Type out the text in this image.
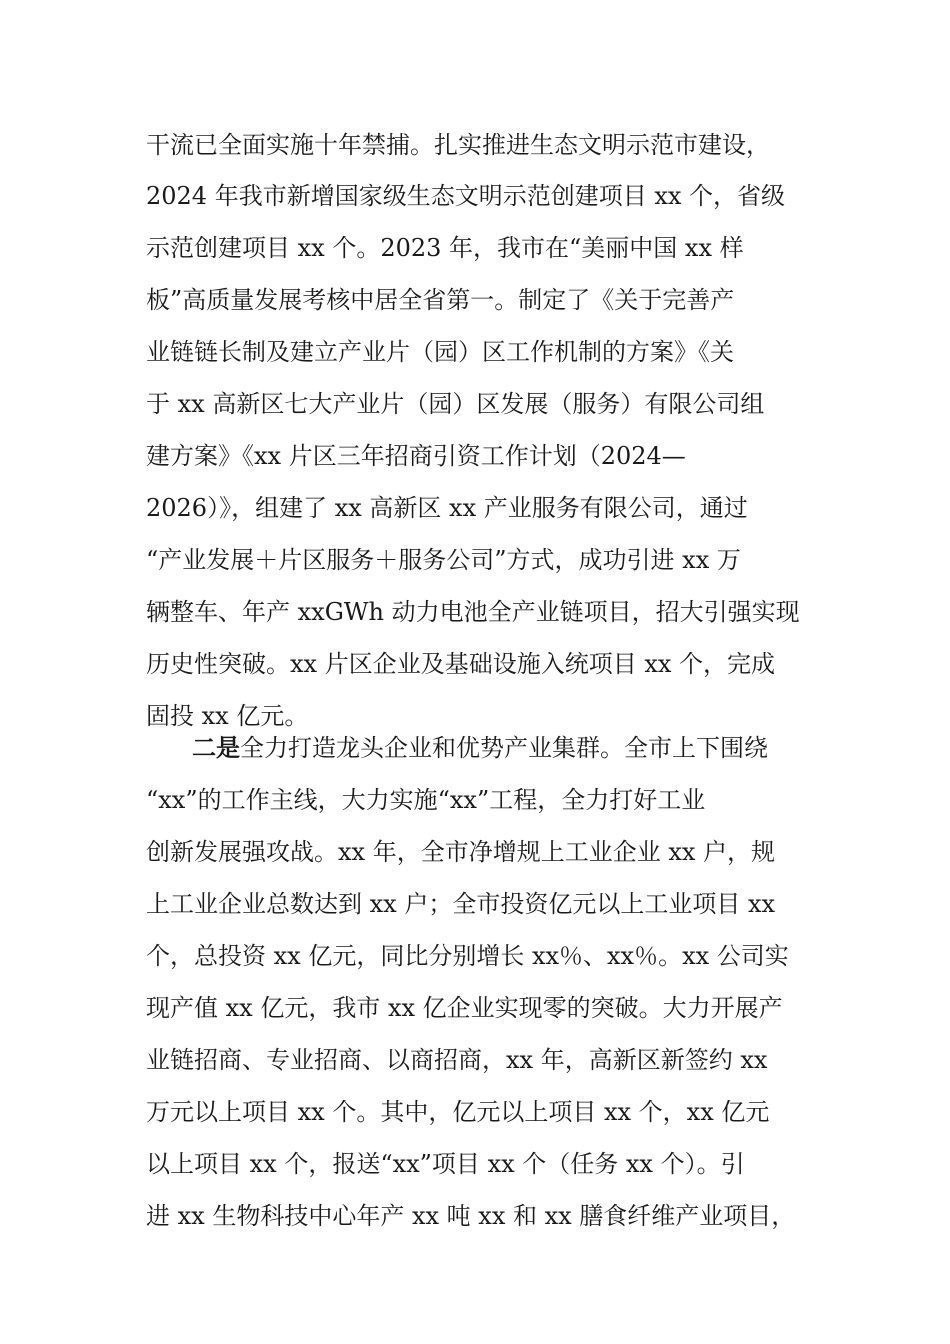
干流已全面实施十年禁捕。扎实推进生态文明示范市建设，
2024 年我市新增国家级生态文明示范创建项目 xx 个，省级
示范创建项目 xx 个。2023 年，我市在“美丽中国 xx 样
板”高质量发展考核中居全省第一。制定了《关于完善产
业链链长制及建立产业片（园）区工作机制的方案》《关
于 xx 高新区七大产业片（园）区发展（服务）有限公司组
建方案》《xx 片区三年招商引资工作计划（2024—
2026）》，组建了 xx 高新区 xx 产业服务有限公司，通过
“产业发展＋片区服务＋服务公司”方式，成功引进 xx 万
辆整车、年产 xxGWh 动力电池全产业链项目，招大引强实现
历史性突破。xx 片区企业及基础设施入统项目 xx 个，完成
固投 xx 亿元。
二是全力打造龙头企业和优势产业集群。全市上下围绕
“xx”的工作主线，大力实施“xx”工程，全力打好工业
创新发展强攻战。xx 年，全市净增规上工业企业 xx 户，规
上工业企业总数达到 xx 户；全市投资亿元以上工业项目 xx
个，总投资 xx 亿元，同比分别增长 xx％、xx％。xx 公司实
现产值 xx 亿元，我市 xx 亿企业实现零的突破。大力开展产
业链招商、专业招商、以商招商，xx 年，高新区新签约 xx
万元以上项目 xx 个。其中，亿元以上项目 xx 个，xx 亿元
以上项目 xx 个，报送“xx”项目 xx 个（任务 xx 个）。引
进 xx 生物科技中心年产 xx 吨 xx 和 xx 膳食纤维产业项目，
